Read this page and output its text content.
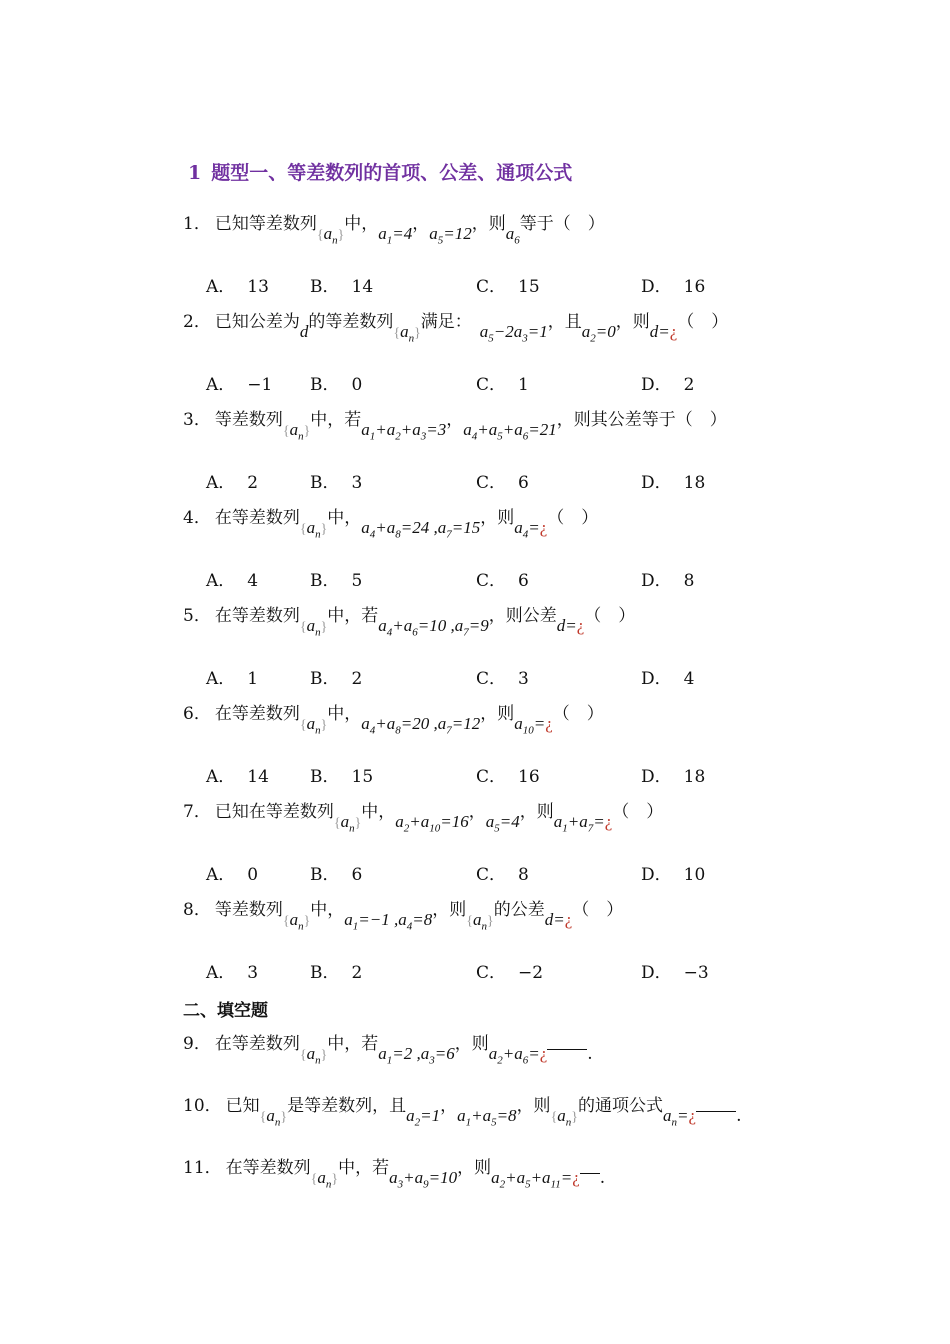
1 题型一、等差数列的首项、公差、通项公式
1． 已知等差数列$\{a_n\}$中，$a_1=4$，$a_5=12$，则$a_6$等于（　）
A． 13 B． 14	C． 15	D． 16
2． 已知公差为d的等差数列$\{a_n\}$满足： $a_5-2a_3=1$，且$a_2=0$，则d=¿（　）
A． −1 B． 0	C． 1	D． 2
3． 等差数列$\{a_n\}$中，若$a_1+a_2+a_3=3$，$a_4+a_5+a_6=21$，则其公差等于（　）
A． 2	B． 3	C． 6	D． 18
4． 在等差数列$\{a_n\}$中，$a_4+a_8=24$ $,a_7=15$，则$a_4=¿$（　）
A． 4	B． 5	C． 6	D． 8
5． 在等差数列$\{a_n\}$中，若$a_4+a_6=10$ $,a_7=9$，则公差d=¿（　）
A． 1	B． 2	C． 3	D． 4
6． 在等差数列$\{a_n\}$中，$a_4+a_8=20$ $,a_7=12$，则$a_{10}=¿$（　）
A． 14 B． 15	C． 16	D． 18
7． 已知在等差数列$\{a_n\}$中，$a_2+a_{10}=16$，$a_5=4$，则$a_1+a_7=¿$（　）
A． 0	B． 6	C． 8	D． 10
8． 等差数列$\{a_n\}$中，$a_1=-1$ $,a_4=8$，则$\{a_n\}$的公差d=¿（　）
A． 3	B． 2	C． −2	D． −3
二、填空题
9． 在等差数列$\{a_n\}$中，若$a_1=2$ $,a_3=6$，则$a_2+a_6=¿$ .
10． 已知$\{a_n\}$是等差数列，且$a_2=1$，$a_1+a_5=8$，则$\{a_n\}$的通项公式$a_n=¿$ .
11． 在等差数列$\{a_n\}$中，若$a_3+a_9=10$，则$a_2+a_5+a_{11}=¿$ .
